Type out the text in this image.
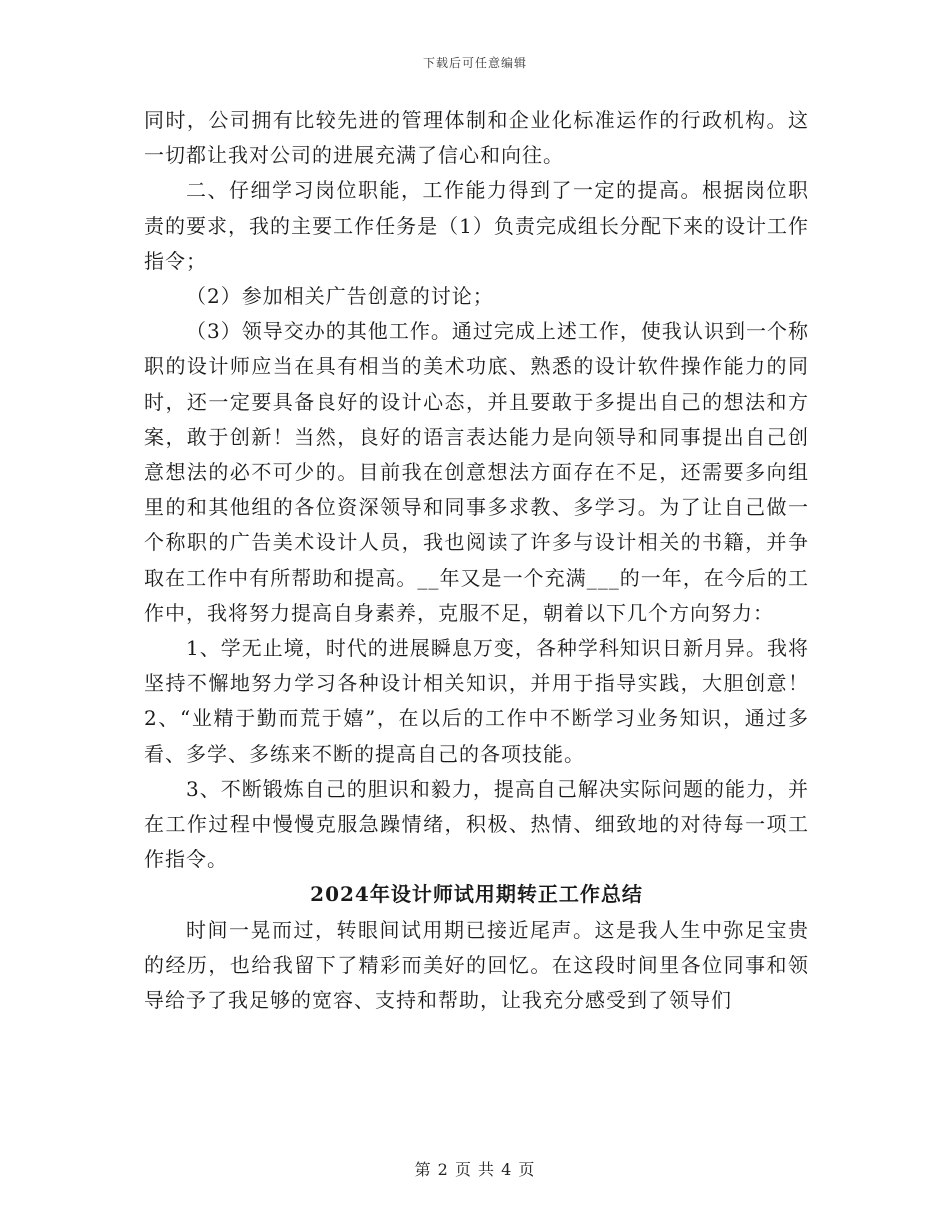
下载后可任意编辑

同时，公司拥有比较先进的管理体制和企业化标准运作的行政机构。这一切都让我对公司的进展充满了信心和向往。

二、仔细学习岗位职能，工作能力得到了一定的提高。根据岗位职责的要求，我的主要工作任务是（1）负责完成组长分配下来的设计工作指令；

（2）参加相关广告创意的讨论；

（3）领导交办的其他工作。通过完成上述工作，使我认识到一个称职的设计师应当在具有相当的美术功底、熟悉的设计软件操作能力的同时，还一定要具备良好的设计心态，并且要敢于多提出自己的想法和方案，敢于创新！当然，良好的语言表达能力是向领导和同事提出自己创意想法的必不可少的。目前我在创意想法方面存在不足，还需要多向组里的和其他组的各位资深领导和同事多求教、多学习。为了让自己做一个称职的广告美术设计人员，我也阅读了许多与设计相关的书籍，并争取在工作中有所帮助和提高。__年又是一个充满___的一年，在今后的工作中，我将努力提高自身素养，克服不足，朝着以下几个方向努力：

1、学无止境，时代的进展瞬息万变，各种学科知识日新月异。我将坚持不懈地努力学习各种设计相关知识，并用于指导实践，大胆创意！2、“业精于勤而荒于嬉”，在以后的工作中不断学习业务知识，通过多看、多学、多练来不断的提高自己的各项技能。

3、不断锻炼自己的胆识和毅力，提高自己解决实际问题的能力，并在工作过程中慢慢克服急躁情绪，积极、热情、细致地的对待每一项工作指令。

2024年设计师试用期转正工作总结

时间一晃而过，转眼间试用期已接近尾声。这是我人生中弥足宝贵的经历，也给我留下了精彩而美好的回忆。在这段时间里各位同事和领导给予了我足够的宽容、支持和帮助，让我充分感受到了领导们

第 2 页 共 4 页
